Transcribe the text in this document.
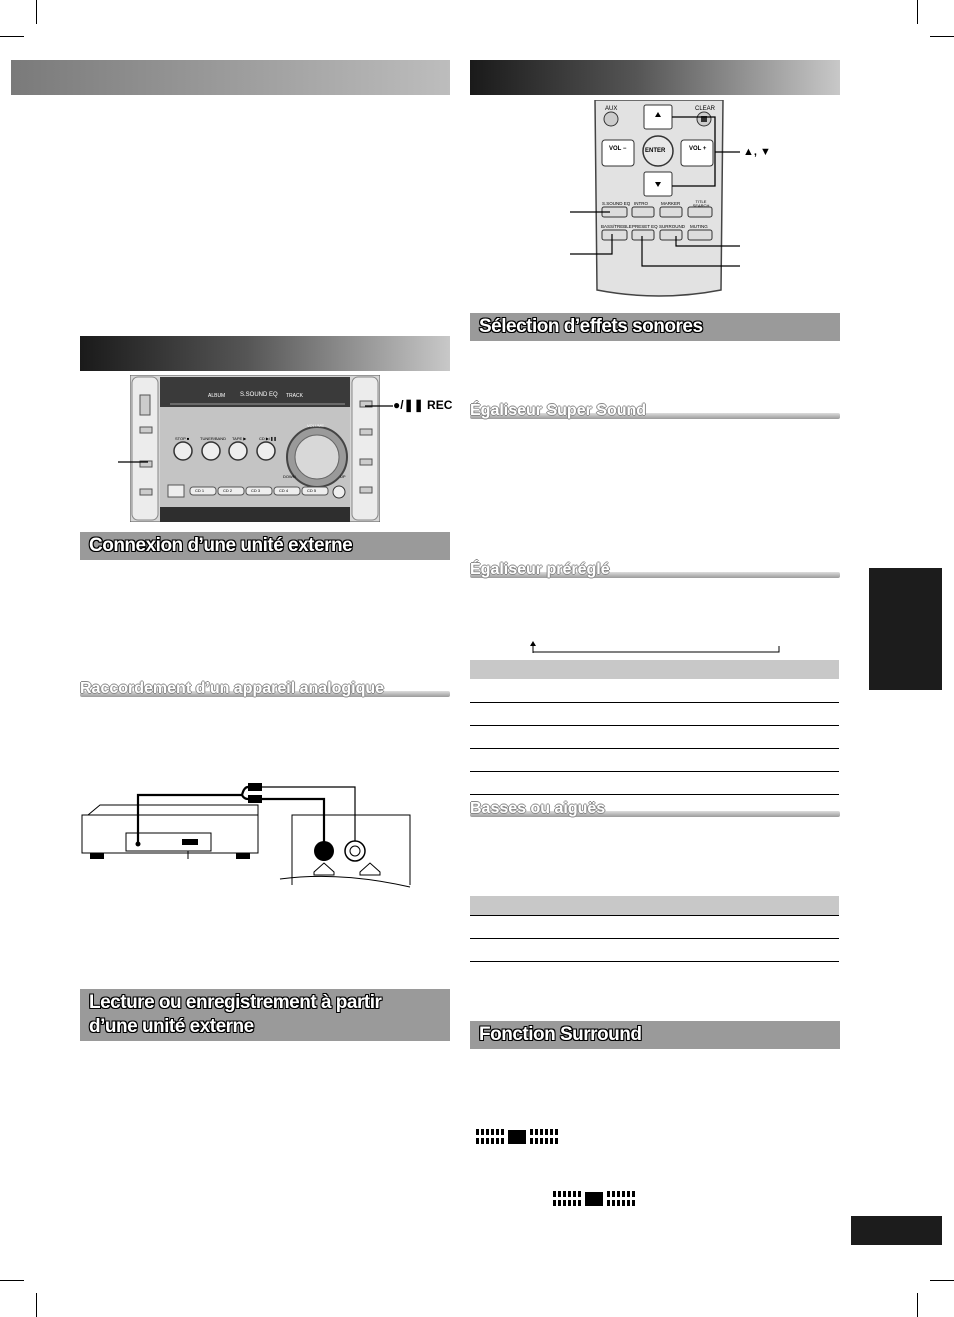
ALBUM S.SOUND EQ TRACK
STOP ■	TUNER/BAND TAPE ▶	CD ▶/❚❚
VOLUME
DOWN	UP
CD 1	CD 2	CD 3	CD 4	CD 5
●/❚❚ REC
Connexion d’une unité externe
Raccordement d’un appareil analogique
Lecture ou enregistrement à partir
d’une unité externe
AUX	CLEAR
ENTER
VOL −	VOL +
S.SOUND EQ INTRO	MARKER	TITLE SEARCH
BASS/TREBLE PRESET EQ SURROUND MUTING
▲, ▼
Sélection d’effets sonores
Égaliseur Super Sound
Égaliseur préréglé
Basses ou aiguës
Fonction Surround
